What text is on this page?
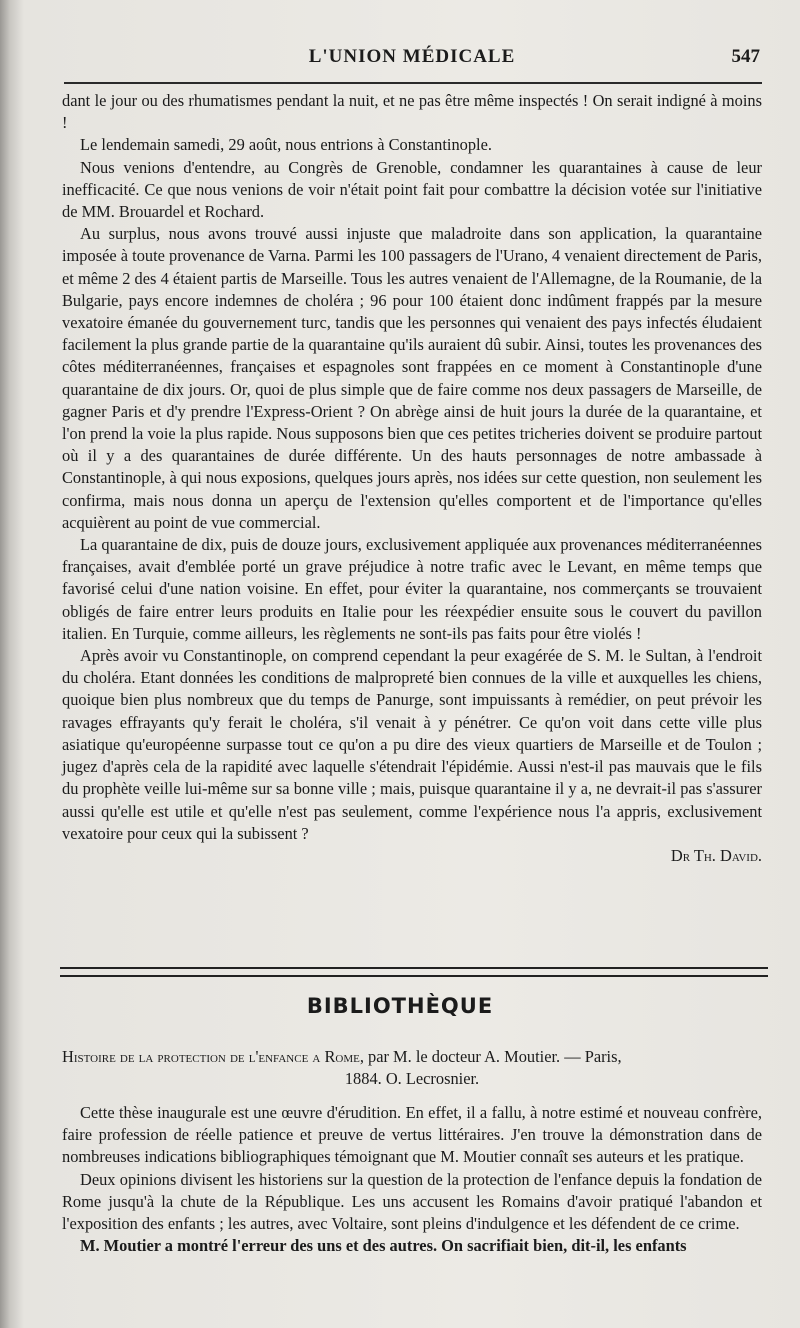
L'UNION MÉDICALE	547

dant le jour ou des rhumatismes pendant la nuit, et ne pas être même inspectés ! On serait indigné à moins !

Le lendemain samedi, 29 août, nous entrions à Constantinople.

Nous venions d'entendre, au Congrès de Grenoble, condamner les quarantaines à cause de leur inefficacité. Ce que nous venions de voir n'était point fait pour combattre la décision votée sur l'initiative de MM. Brouardel et Rochard.

Au surplus, nous avons trouvé aussi injuste que maladroite dans son application, la quarantaine imposée à toute provenance de Varna. Parmi les 100 passagers de l'Urano, 4 venaient directement de Paris, et même 2 des 4 étaient partis de Marseille. Tous les autres venaient de l'Allemagne, de la Roumanie, de la Bulgarie, pays encore indemnes de choléra ; 96 pour 100 étaient donc indûment frappés par la mesure vexatoire émanée du gouvernement turc, tandis que les personnes qui venaient des pays infectés éludaient facilement la plus grande partie de la quarantaine qu'ils auraient dû subir. Ainsi, toutes les provenances des côtes méditerranéennes, françaises et espagnoles sont frappées en ce moment à Constantinople d'une quarantaine de dix jours. Or, quoi de plus simple que de faire comme nos deux passagers de Marseille, de gagner Paris et d'y prendre l'Express-Orient ? On abrège ainsi de huit jours la durée de la quarantaine, et l'on prend la voie la plus rapide. Nous supposons bien que ces petites tricheries doivent se produire partout où il y a des quarantaines de durée différente. Un des hauts personnages de notre ambassade à Constantinople, à qui nous exposions, quelques jours après, nos idées sur cette question, non seulement les confirma, mais nous donna un aperçu de l'extension qu'elles comportent et de l'importance qu'elles acquièrent au point de vue commercial.

La quarantaine de dix, puis de douze jours, exclusivement appliquée aux provenances méditerranéennes françaises, avait d'emblée porté un grave préjudice à notre trafic avec le Levant, en même temps que favorisé celui d'une nation voisine. En effet, pour éviter la quarantaine, nos commerçants se trouvaient obligés de faire entrer leurs produits en Italie pour les réexpédier ensuite sous le couvert du pavillon italien. En Turquie, comme ailleurs, les règlements ne sont-ils pas faits pour être violés !

Après avoir vu Constantinople, on comprend cependant la peur exagérée de S. M. le Sultan, à l'endroit du choléra. Etant données les conditions de malpropreté bien connues de la ville et auxquelles les chiens, quoique bien plus nombreux que du temps de Panurge, sont impuissants à remédier, on peut prévoir les ravages effrayants qu'y ferait le choléra, s'il venait à y pénétrer. Ce qu'on voit dans cette ville plus asiatique qu'européenne surpasse tout ce qu'on a pu dire des vieux quartiers de Marseille et de Toulon ; jugez d'après cela de la rapidité avec laquelle s'étendrait l'épidémie. Aussi n'est-il pas mauvais que le fils du prophète veille lui-même sur sa bonne ville ; mais, puisque quarantaine il y a, ne devrait-il pas s'assurer aussi qu'elle est utile et qu'elle n'est pas seulement, comme l'expérience nous l'a appris, exclusivement vexatoire pour ceux qui la subissent ?

Dr Th. David.
BIBLIOTHÈQUE
Histoire de la protection de l'enfance a Rome, par M. le docteur A. Moutier. — Paris,
1884. O. Lecrosnier.

Cette thèse inaugurale est une œuvre d'érudition. En effet, il a fallu, à notre estimé et nouveau confrère, faire profession de réelle patience et preuve de vertus littéraires. J'en trouve la démonstration dans de nombreuses indications bibliographiques témoignant que M. Moutier connaît ses auteurs et les pratique.

Deux opinions divisent les historiens sur la question de la protection de l'enfance depuis la fondation de Rome jusqu'à la chute de la République. Les uns accusent les Romains d'avoir pratiqué l'abandon et l'exposition des enfants ; les autres, avec Voltaire, sont pleins d'indulgence et les défendent de ce crime.

M. Moutier a montré l'erreur des uns et des autres. On sacrifiait bien, dit-il, les enfants
